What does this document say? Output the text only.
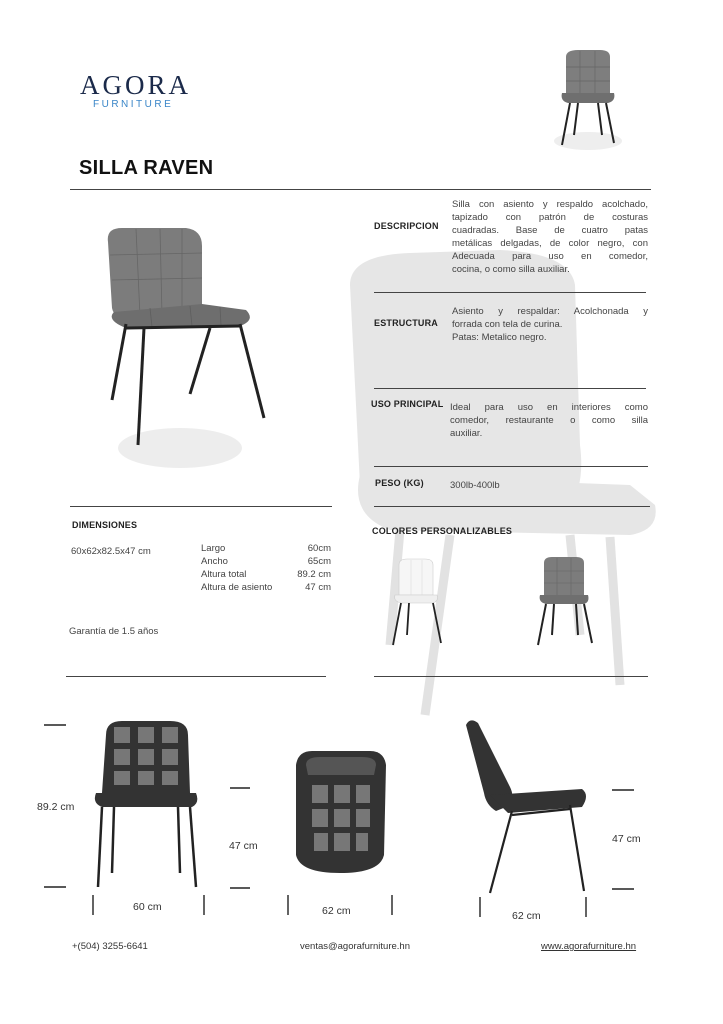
AGORA
FURNITURE
SILLA RAVEN
DESCRIPCION
Silla con asiento y respaldo acolchado,
tapizado con patrón de costuras
cuadradas. Base de cuatro patas
metálicas delgadas, de color negro, con
Adecuada para uso en comedor,
cocina, o como silla auxiliar.
ESTRUCTURA
Asiento y respaldar: Acolchonada y
forrada con tela de curina.
Patas: Metalico negro.
USO PRINCIPAL Ideal para uso en interiores como
comedor, restaurante o como silla
auxiliar.
PESO (KG)	300lb-400lb
COLORES PERSONALIZABLES
DIMENSIONES
60x62x82.5x47 cm	Largo	60cm
Ancho	65cm
Altura total	89.2 cm
Altura de asiento	47 cm
Garantía de 1.5 años
89.2 cm
47 cm
60 cm	62 cm
47 cm
62 cm
+(504) 3255-6641	ventas@agorafurniture.hn	www.agorafurniture.hn
